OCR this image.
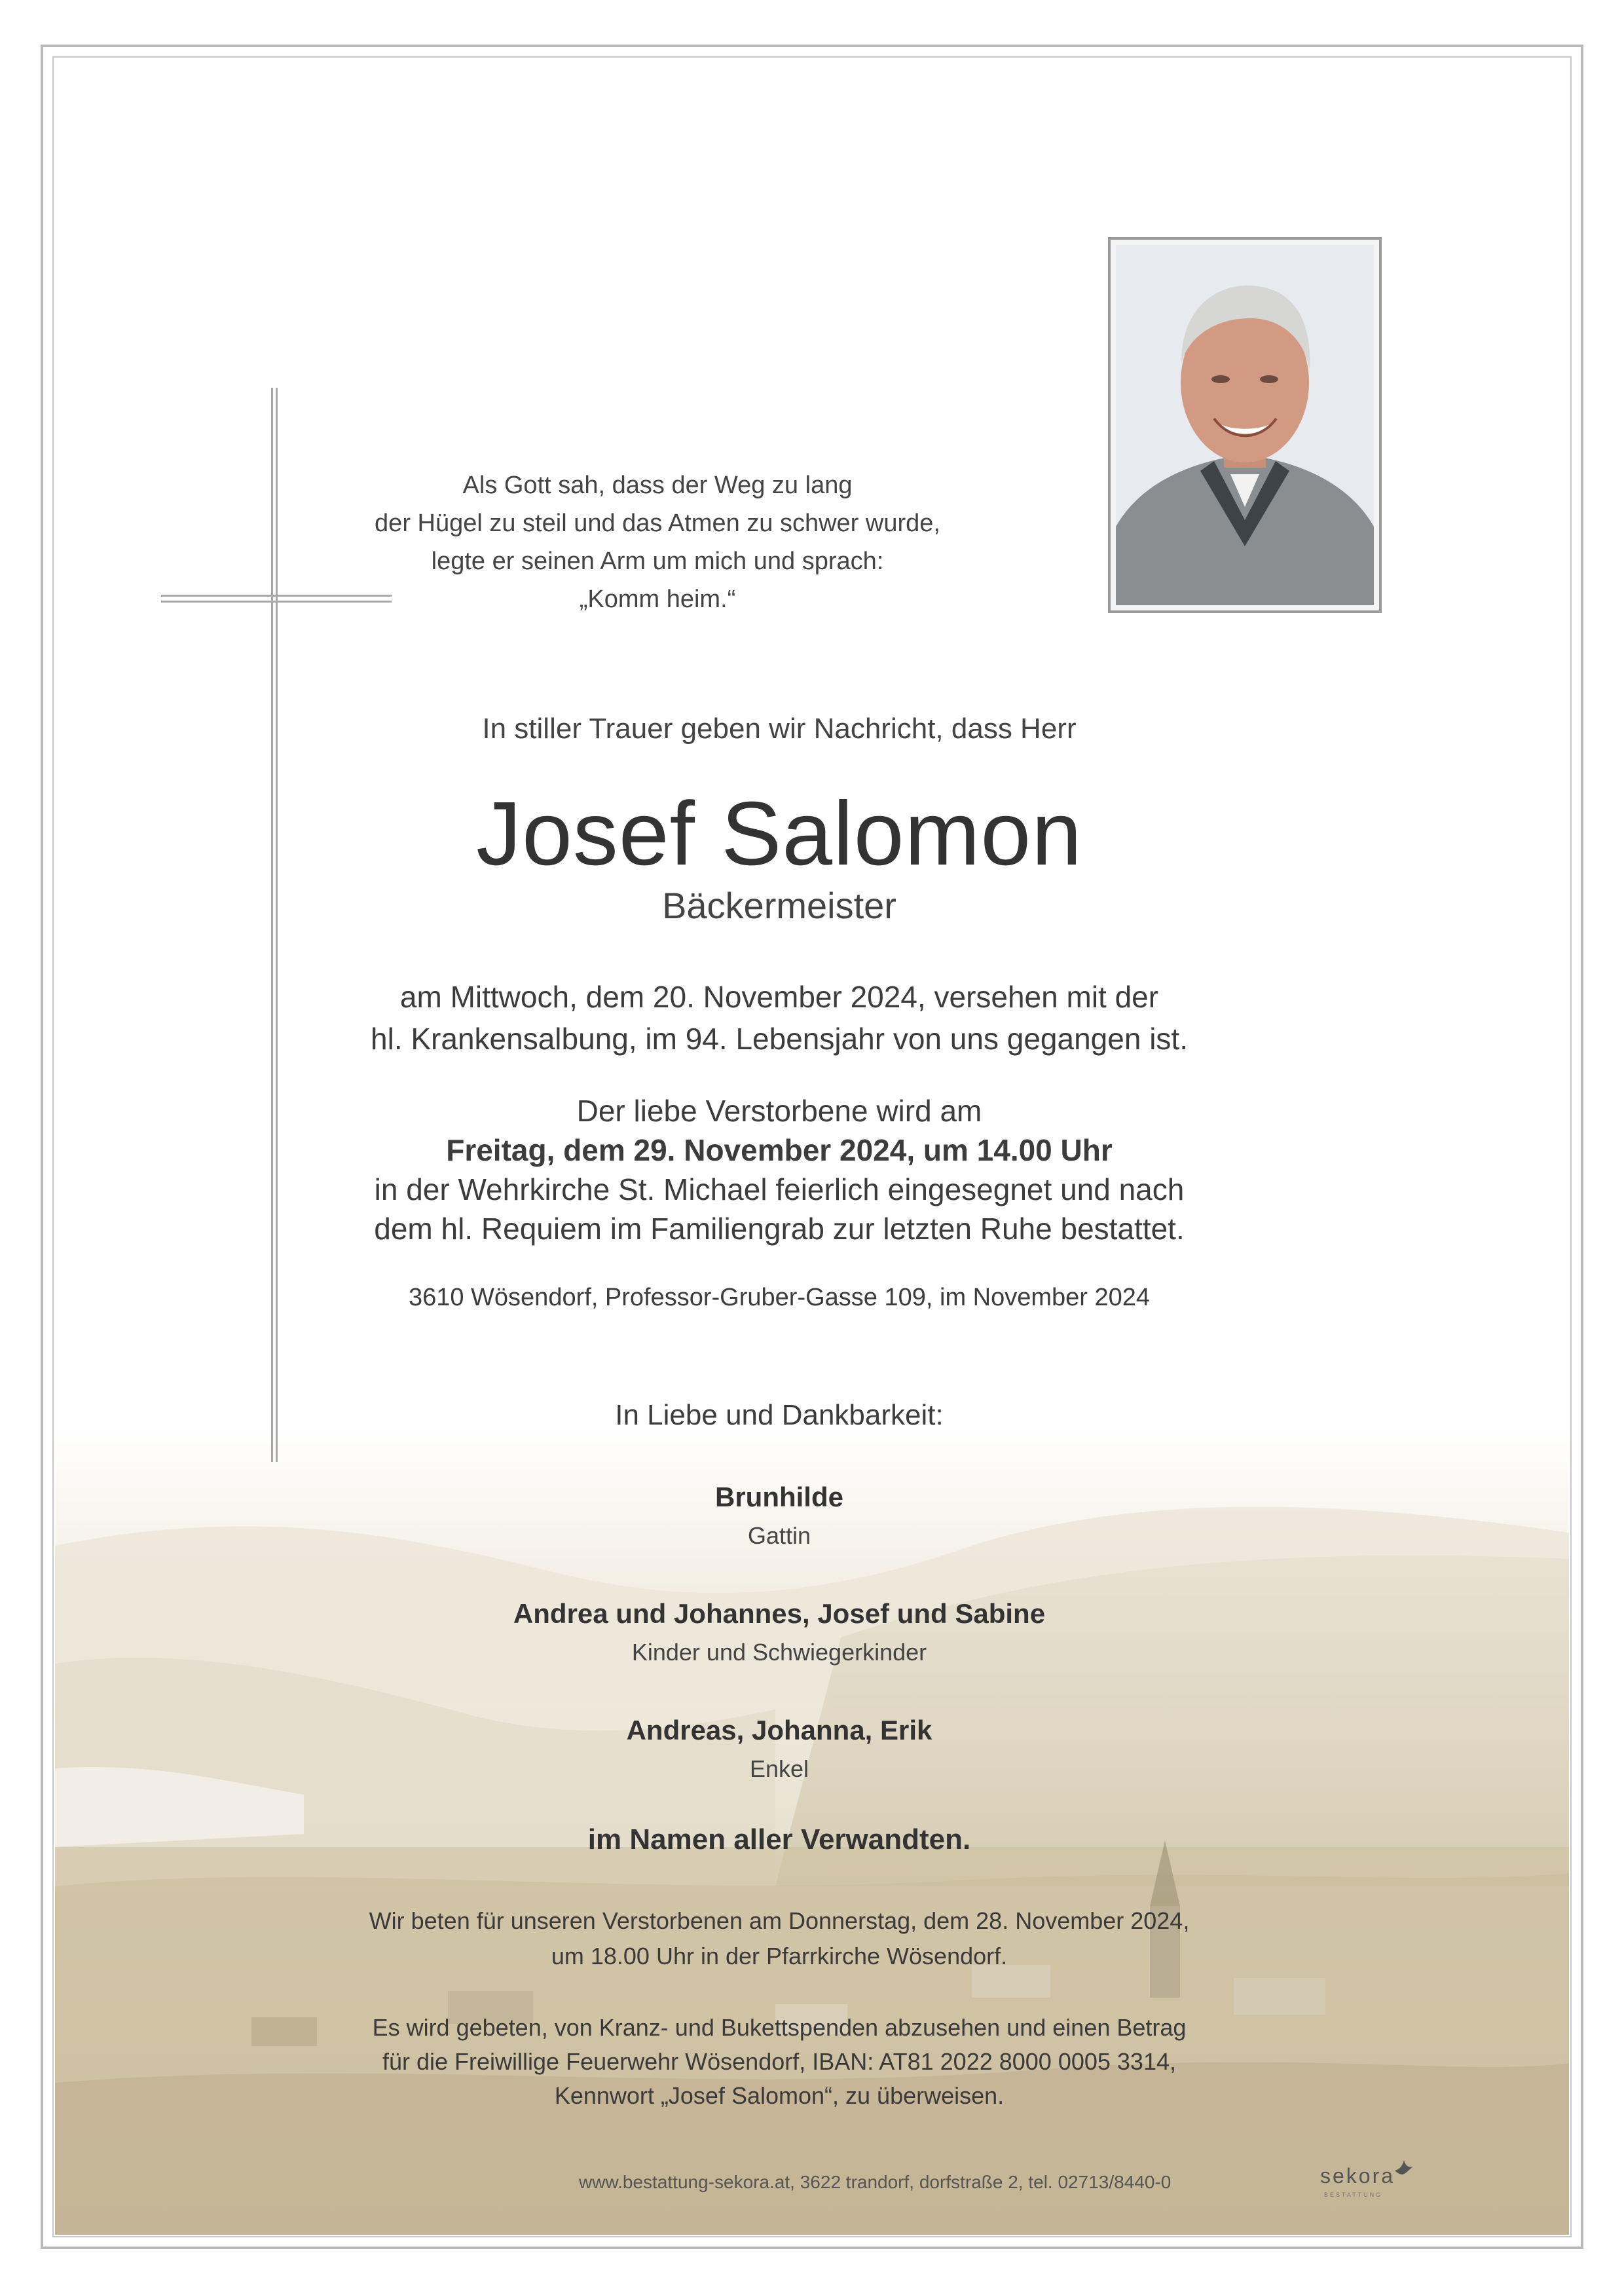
Als Gott sah, dass der Weg zu lang
der Hügel zu steil und das Atmen zu schwer wurde,
legte er seinen Arm um mich und sprach:
„Komm heim.“
In stiller Trauer geben wir Nachricht, dass Herr
Josef Salomon
Bäckermeister
am Mittwoch, dem 20. November 2024, versehen mit der
hl. Krankensalbung, im 94. Lebensjahr von uns gegangen ist.
Der liebe Verstorbene wird am
Freitag, dem 29. November 2024, um 14.00 Uhr
in der Wehrkirche St. Michael feierlich eingesegnet und nach
dem hl. Requiem im Familiengrab zur letzten Ruhe bestattet.
3610 Wösendorf, Professor-Gruber-Gasse 109, im November 2024
In Liebe und Dankbarkeit:
Brunhilde
Gattin
Andrea und Johannes, Josef und Sabine
Kinder und Schwiegerkinder
Andreas, Johanna, Erik
Enkel
im Namen aller Verwandten.
Wir beten für unseren Verstorbenen am Donnerstag, dem 28. November 2024,
um 18.00 Uhr in der Pfarrkirche Wösendorf.
Es wird gebeten, von Kranz- und Bukettspenden abzusehen und einen Betrag
für die Freiwillige Feuerwehr Wösendorf, IBAN: AT81 2022 8000 0005 3314,
Kennwort „Josef Salomon“, zu überweisen.
www.bestattung-sekora.at, 3622 trandorf, dorfstraße 2, tel. 02713/8440-0	sekora
BESTATTUNG
